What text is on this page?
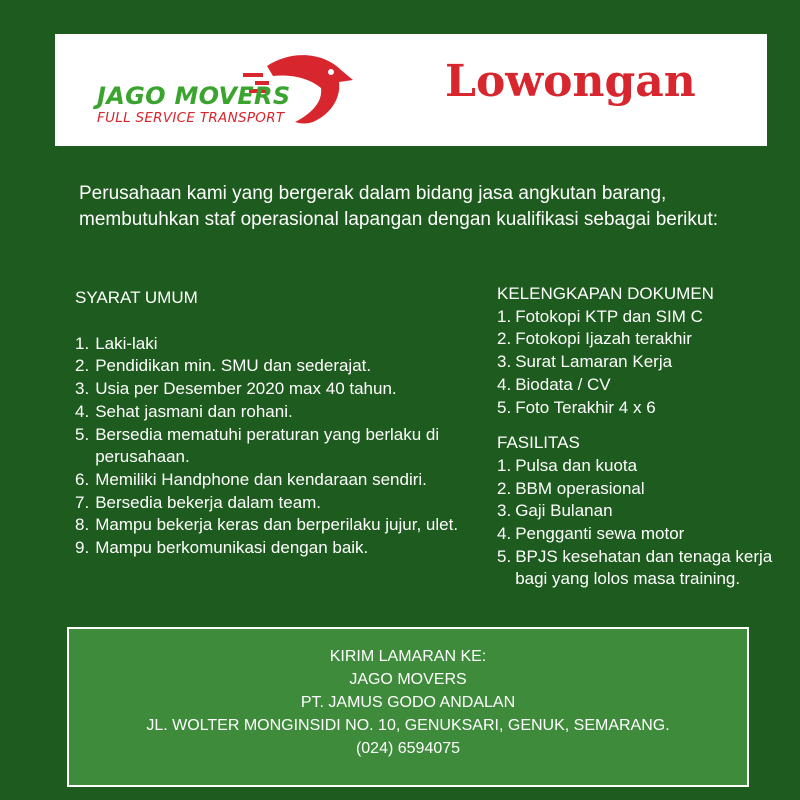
JAGO MOVERS
FULL SERVICE TRANSPORT
Lowongan
Perusahaan kami yang bergerak dalam bidang jasa angkutan barang, membutuhkan staf operasional lapangan dengan kualifikasi sebagai berikut:
SYARAT UMUM
1. Laki-laki
2. Pendidikan min. SMU dan sederajat.
3. Usia per Desember 2020 max 40 tahun.
4. Sehat jasmani dan rohani.
5. Bersedia mematuhi peraturan yang berlaku di perusahaan.
6. Memiliki Handphone dan kendaraan sendiri.
7. Bersedia bekerja dalam team.
8. Mampu bekerja keras dan berperilaku jujur, ulet.
9. Mampu berkomunikasi dengan baik.
KELENGKAPAN DOKUMEN
1. Fotokopi KTP dan SIM C
2. Fotokopi Ijazah terakhir
3. Surat Lamaran Kerja
4. Biodata / CV
5. Foto Terakhir 4 x 6
FASILITAS
1. Pulsa dan kuota
2. BBM operasional
3. Gaji Bulanan
4. Pengganti sewa motor
5. BPJS kesehatan dan tenaga kerja bagi yang lolos masa training.
KIRIM LAMARAN KE:
JAGO MOVERS
PT. JAMUS GODO ANDALAN
JL. WOLTER MONGINSIDI NO. 10, GENUKSARI, GENUK, SEMARANG.
(024) 6594075
